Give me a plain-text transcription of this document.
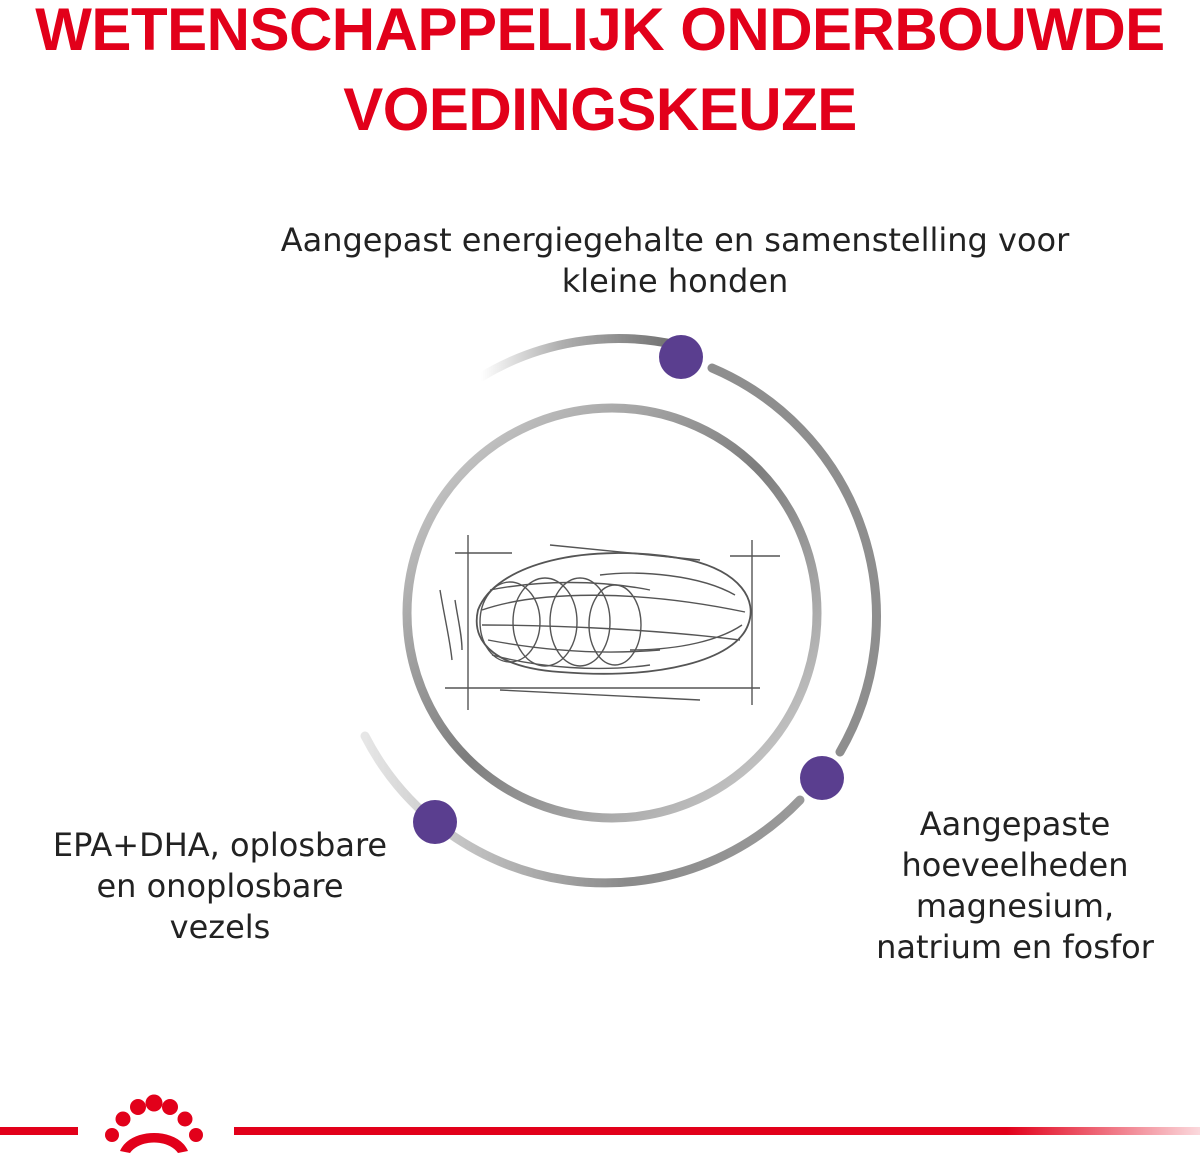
WETENSCHAPPELIJK ONDERBOUWDE
VOEDINGSKEUZE

Aangepast energiegehalte en samenstelling voor
kleine honden

EPA+DHA, oplosbare
en onoplosbare
vezels

Aangepaste
hoeveelheden
magnesium,
natrium en fosfor
